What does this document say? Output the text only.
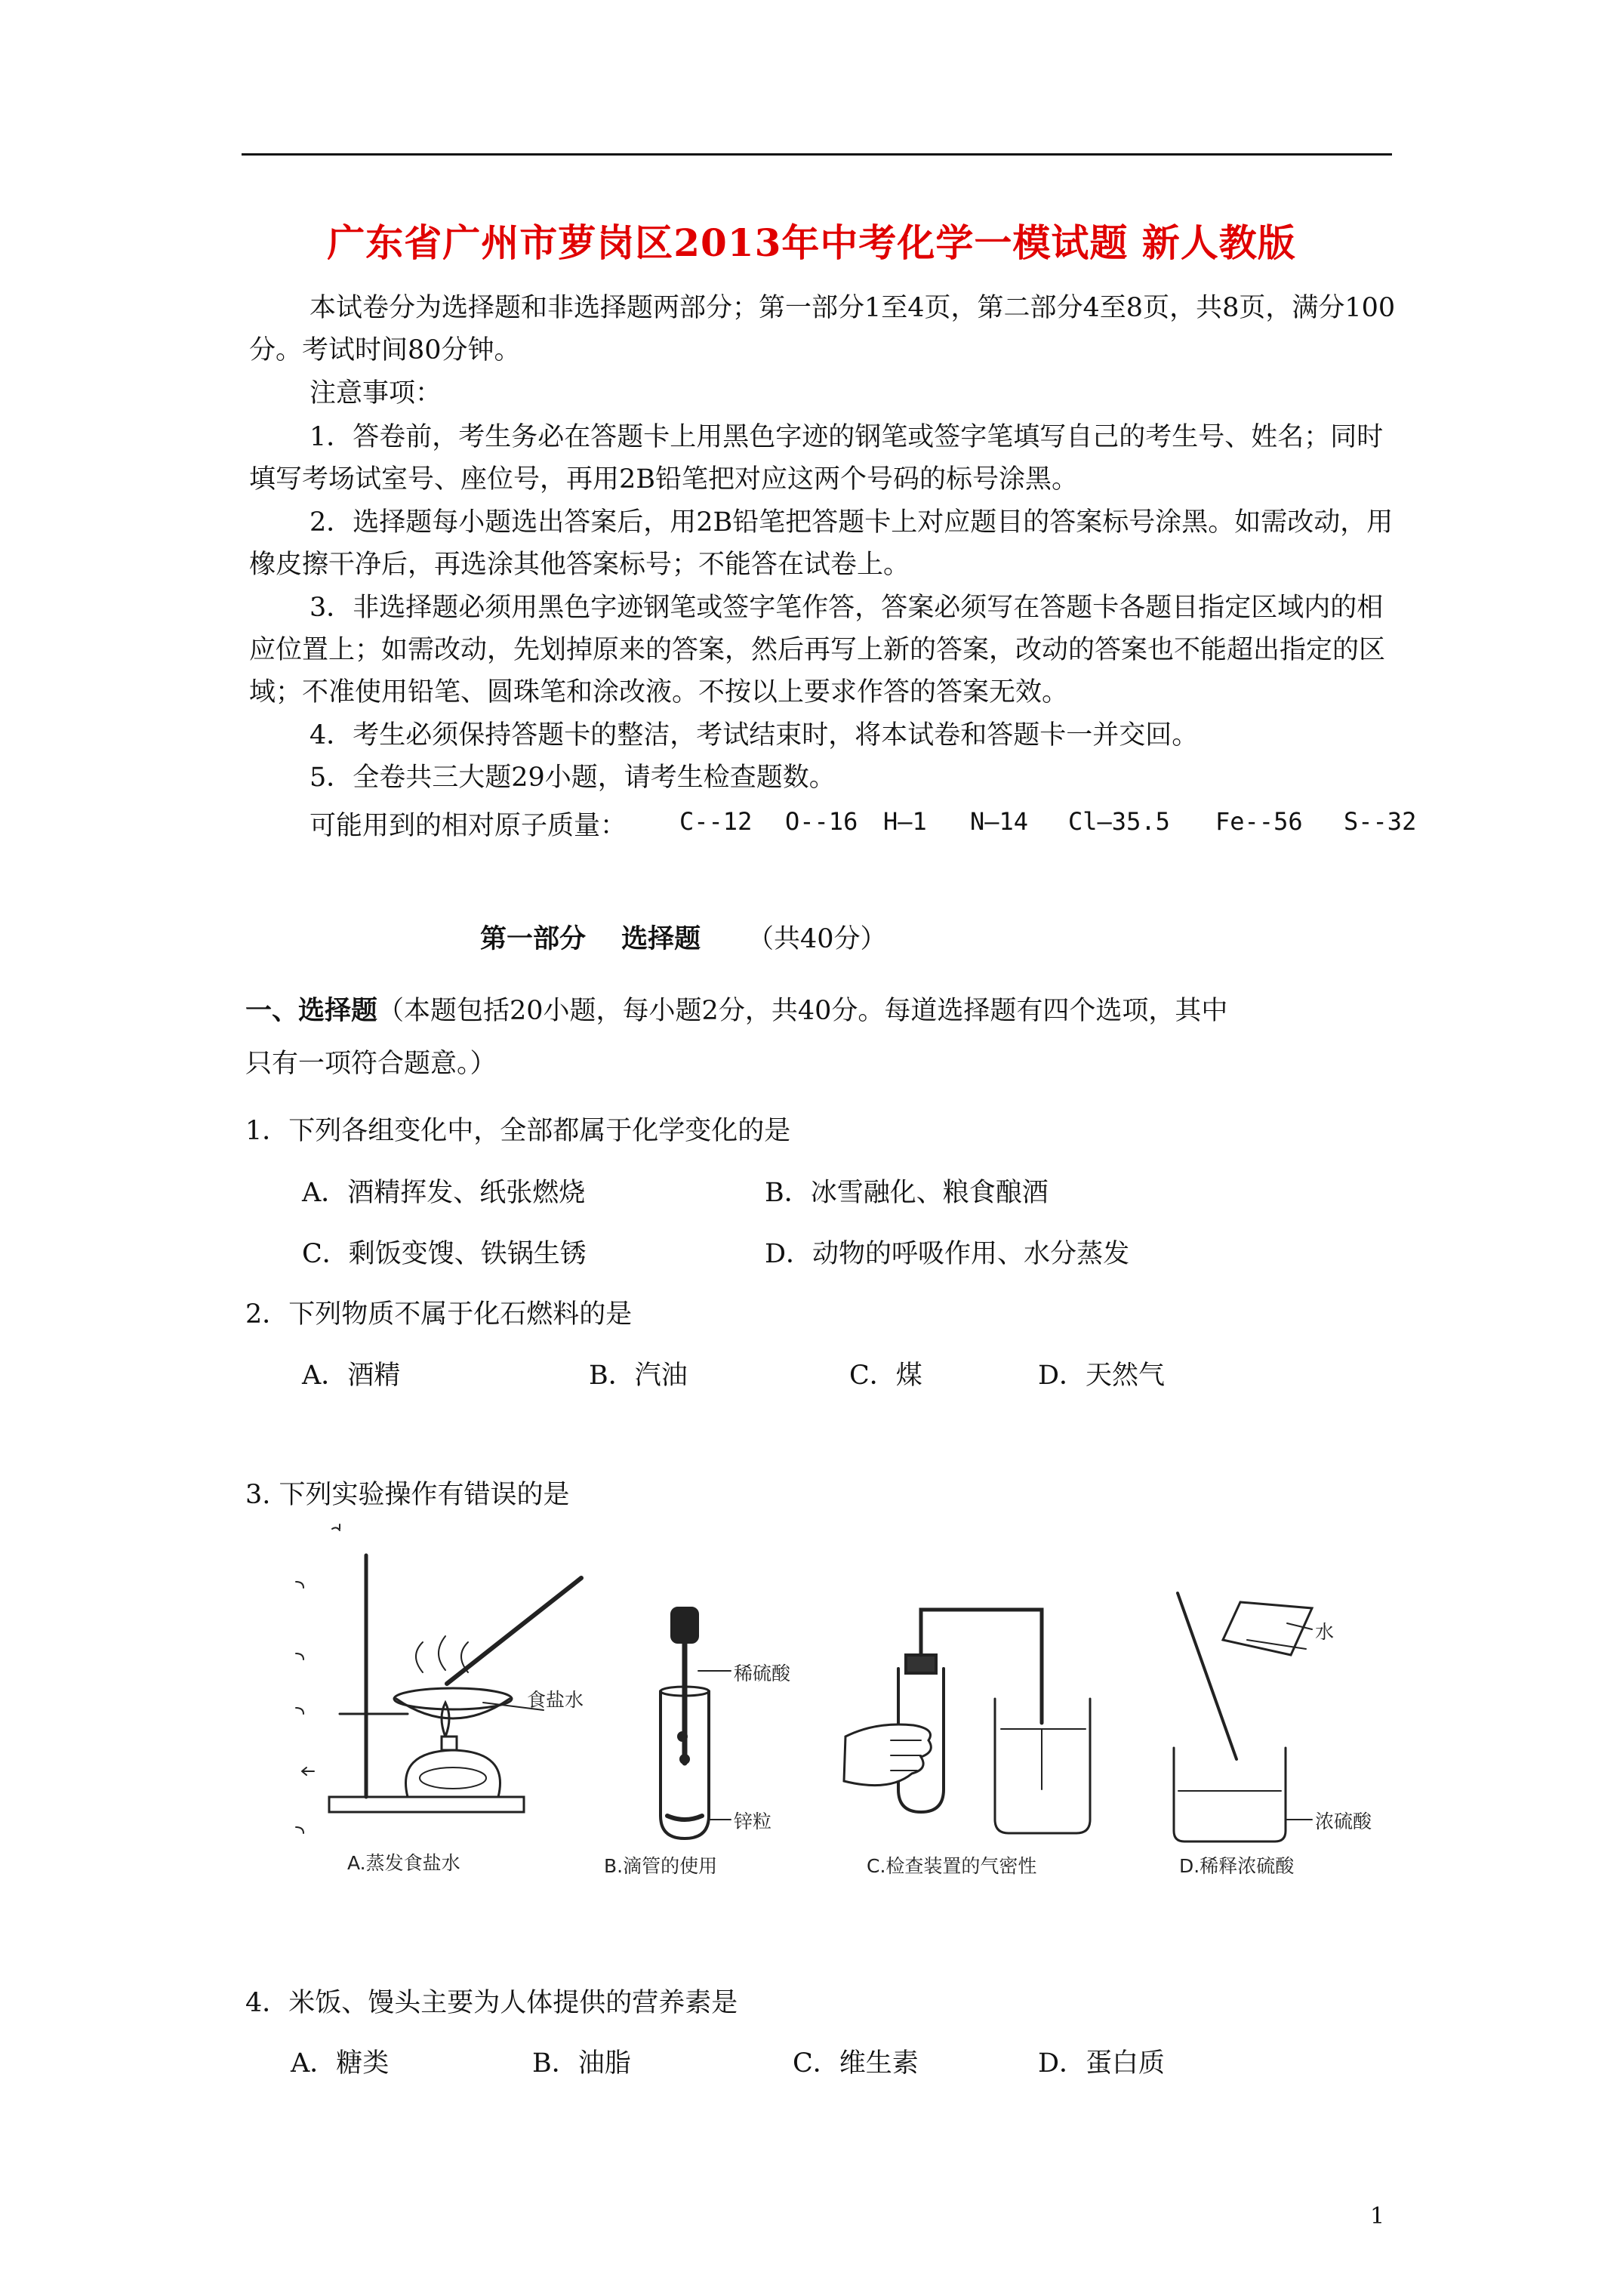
广东省广州市萝岗区2013年中考化学一模试题 新人教版
本试卷分为选择题和非选择题两部分；第一部分1至4页，第二部分4至8页，共8页，满分100分。考试时间80分钟。
注意事项：
1．答卷前，考生务必在答题卡上用黑色字迹的钢笔或签字笔填写自己的考生号、姓名；同时填写考场试室号、座位号，再用2B铅笔把对应这两个号码的标号涂黑。
2．选择题每小题选出答案后，用2B铅笔把答题卡上对应题目的答案标号涂黑。如需改动，用橡皮擦干净后，再选涂其他答案标号；不能答在试卷上。
3．非选择题必须用黑色字迹钢笔或签字笔作答，答案必须写在答题卡各题目指定区域内的相应位置上；如需改动，先划掉原来的答案，然后再写上新的答案，改动的答案也不能超出指定的区域；不准使用铅笔、圆珠笔和涂改液。不按以上要求作答的答案无效。
4．考生必须保持答题卡的整洁，考试结束时，将本试卷和答题卡一并交回。
5．全卷共三大题29小题，请考生检查题数。
可能用到的相对原子质量： C--12 O--16 H—1 N—14 Cl—35.5 Fe--56 S--32
第一部分　 选择题 （共40分）
一、选择题（本题包括20小题，每小题2分，共40分。每道选择题有四个选项，其中
只有一项符合题意。）
1．下列各组变化中，全部都属于化学变化的是
A．酒精挥发、纸张燃烧	B．冰雪融化、粮食酿酒
C．剩饭变馊、铁锅生锈	D．动物的呼吸作用、水分蒸发
2．下列物质不属于化石燃料的是
A．酒精	B．汽油	C．煤	D．天然气
3. 下列实验操作有错误的是
食盐水
稀硫酸
锌粒
水
浓硫酸
A.蒸发食盐水	B.滴管的使用	C.检查装置的气密性	D.稀释浓硫酸
4．米饭、馒头主要为人体提供的营养素是
A．糖类	B．油脂	C．维生素	D．蛋白质
1
